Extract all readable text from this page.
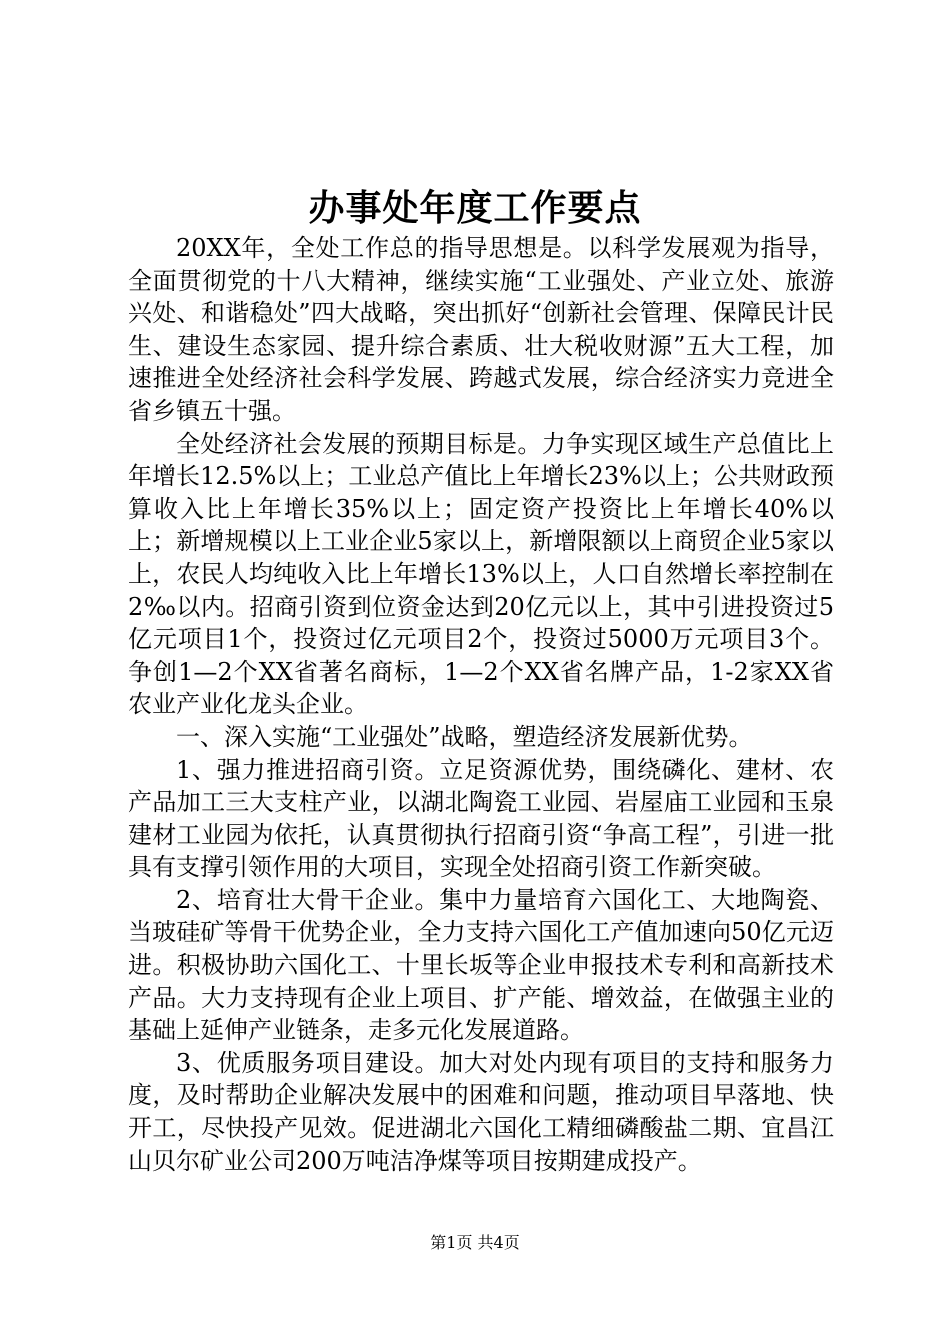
办事处年度工作要点

20XX年，全处工作总的指导思想是。以科学发展观为指导，全面贯彻党的十八大精神，继续实施“工业强处、产业立处、旅游兴处、和谐稳处”四大战略，突出抓好“创新社会管理、保障民计民生、建设生态家园、提升综合素质、壮大税收财源”五大工程，加速推进全处经济社会科学发展、跨越式发展，综合经济实力竞进全省乡镇五十强。

全处经济社会发展的预期目标是。力争实现区域生产总值比上年增长12.5%以上；工业总产值比上年增长23%以上；公共财政预算收入比上年增长35%以上；固定资产投资比上年增长40%以上；新增规模以上工业企业5家以上，新增限额以上商贸企业5家以上，农民人均纯收入比上年增长13%以上，人口自然增长率控制在2‰以内。招商引资到位资金达到20亿元以上，其中引进投资过5亿元项目1个，投资过亿元项目2个，投资过5000万元项目3个。争创1—2个XX省著名商标，1—2个XX省名牌产品，1-2家XX省农业产业化龙头企业。

一、深入实施“工业强处”战略，塑造经济发展新优势。

1、强力推进招商引资。立足资源优势，围绕磷化、建材、农产品加工三大支柱产业，以湖北陶瓷工业园、岩屋庙工业园和玉泉建材工业园为依托，认真贯彻执行招商引资“争高工程”，引进一批具有支撑引领作用的大项目，实现全处招商引资工作新突破。

2、培育壮大骨干企业。集中力量培育六国化工、大地陶瓷、当玻硅矿等骨干优势企业，全力支持六国化工产值加速向50亿元迈进。积极协助六国化工、十里长坂等企业申报技术专利和高新技术产品。大力支持现有企业上项目、扩产能、增效益，在做强主业的基础上延伸产业链条，走多元化发展道路。

3、优质服务项目建设。加大对处内现有项目的支持和服务力度，及时帮助企业解决发展中的困难和问题，推动项目早落地、快开工，尽快投产见效。促进湖北六国化工精细磷酸盐二期、宜昌江山贝尔矿业公司200万吨洁净煤等项目按期建成投产。

第1页 共4页
